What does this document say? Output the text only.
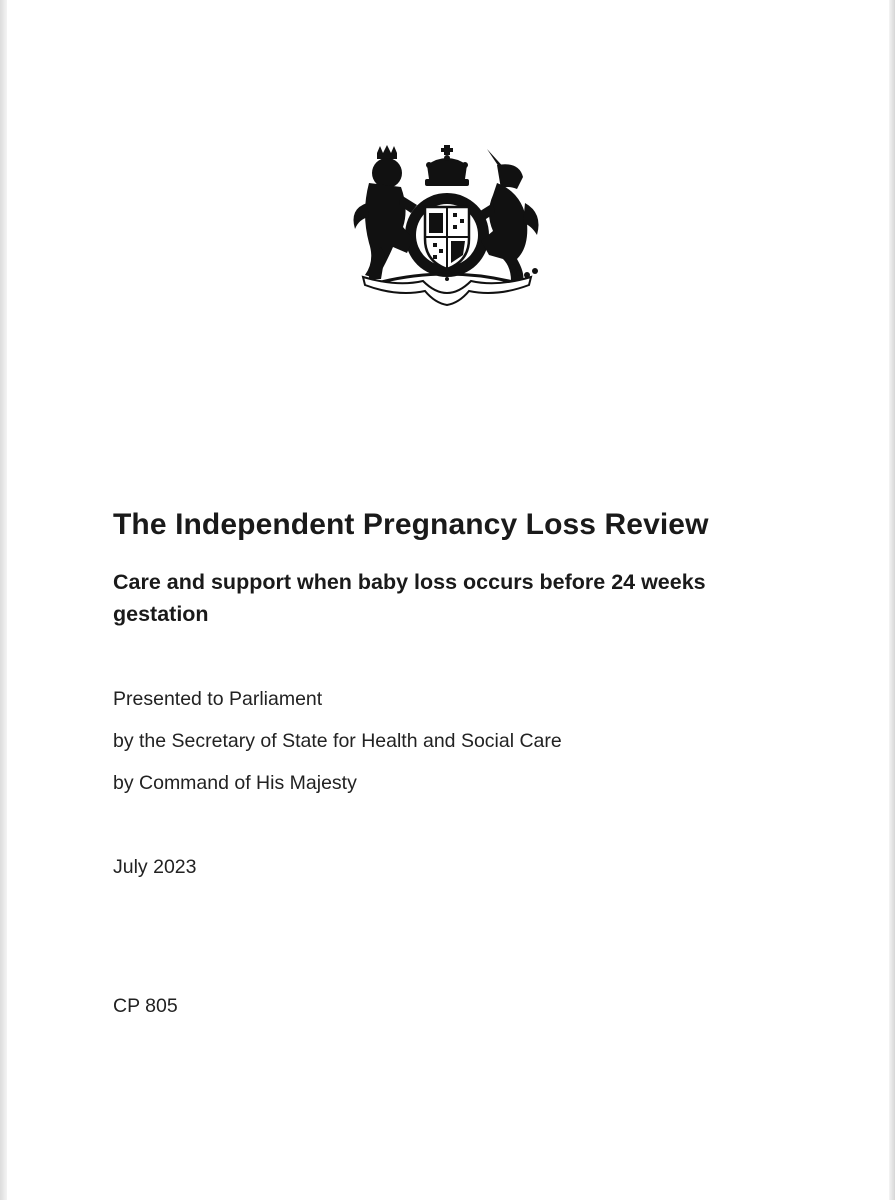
The Independent Pregnancy Loss Review
Care and support when baby loss occurs before 24 weeks gestation

Presented to Parliament

by the Secretary of State for Health and Social Care

by Command of His Majesty

July 2023

CP 805
